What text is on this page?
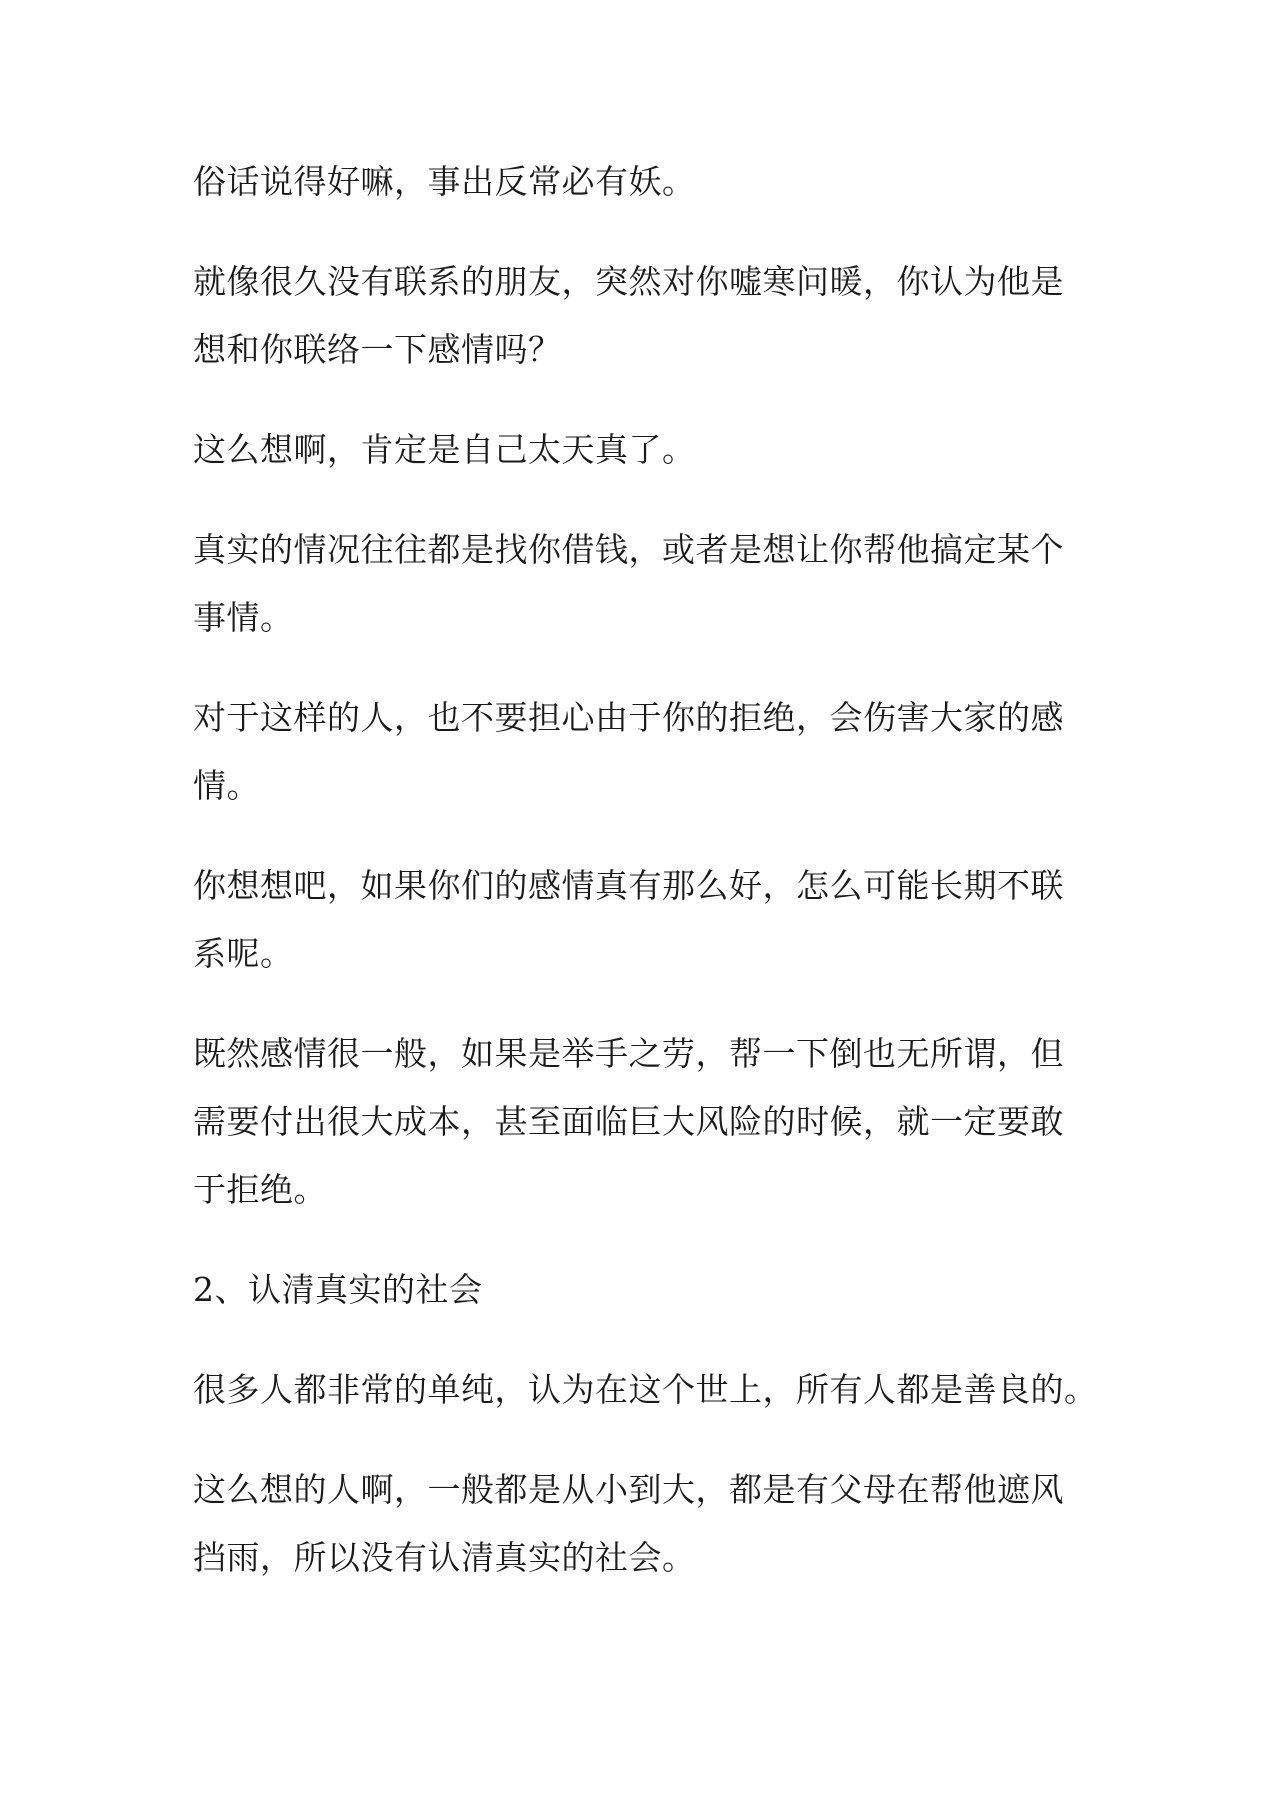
俗话说得好嘛，事出反常必有妖。

就像很久没有联系的朋友，突然对你嘘寒问暖，你认为他是
想和你联络一下感情吗？

这么想啊，肯定是自己太天真了。

真实的情况往往都是找你借钱，或者是想让你帮他搞定某个
事情。

对于这样的人，也不要担心由于你的拒绝，会伤害大家的感
情。

你想想吧，如果你们的感情真有那么好，怎么可能长期不联
系呢。

既然感情很一般，如果是举手之劳，帮一下倒也无所谓，但
需要付出很大成本，甚至面临巨大风险的时候，就一定要敢
于拒绝。

2、认清真实的社会

很多人都非常的单纯，认为在这个世上，所有人都是善良的。

这么想的人啊，一般都是从小到大，都是有父母在帮他遮风
挡雨，所以没有认清真实的社会。
